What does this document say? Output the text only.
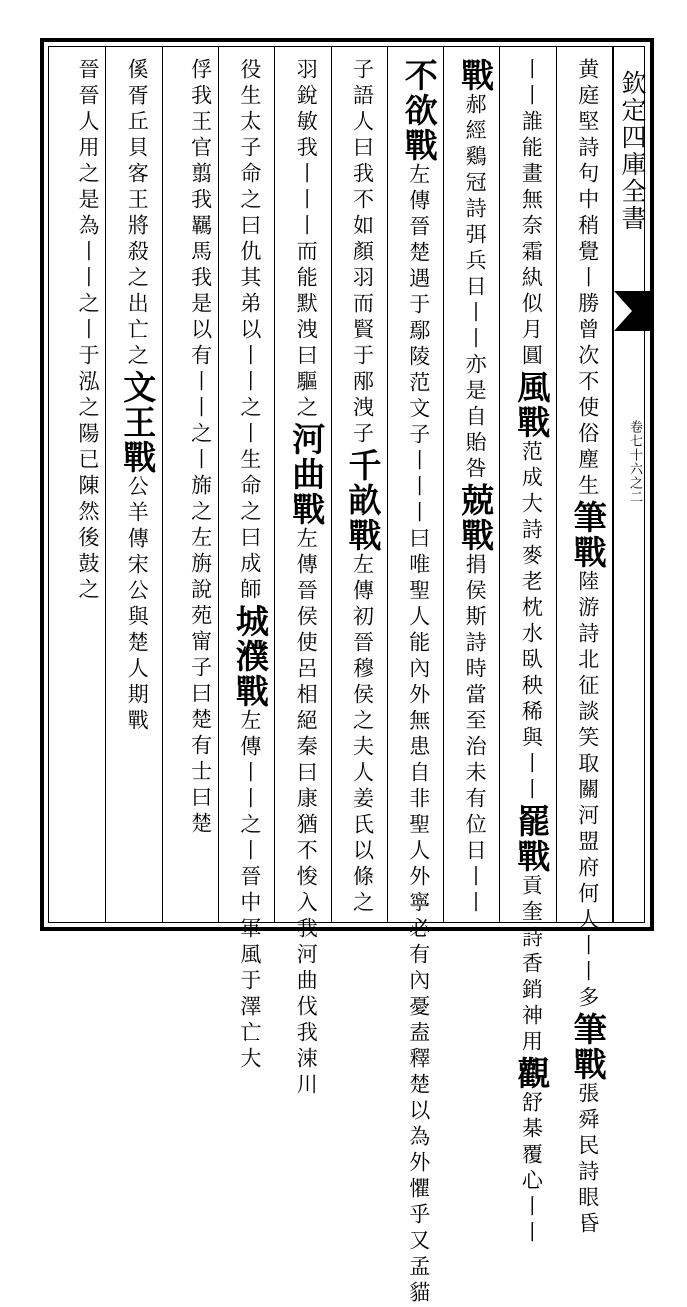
欽定四庫全書
卷七十六之二
黄庭堅詩句中稍覺丨勝曾次不使俗塵生筆戰陸游詩北征談笑取關河盟府何人丨丨多筆戰張舜民詩眼昏
丨丨誰能畫無奈霜紈似月圓風戰范成大詩麥老枕水臥秧稀與丨丨罷戰貢奎詩香銷神用觀舒棊覆心丨丨
戰郝經鷄冠詩弭兵日丨丨亦是自貽咎兢戰捐侯斯詩時當至治未有位日丨丨
不欲戰左傳晉楚遇于鄢陵范文子丨丨丨曰唯聖人能內外無患自非聖人外寧必有內憂盍釋楚以為外懼乎又孟貓
子語人曰我不如顏羽而賢于邴洩子千畝戰左傳初晉穆侯之夫人姜氏以條之
羽銳敏我丨丨丨而能默洩曰驅之河曲戰左傳晉侯使呂相絕秦曰康猶不悛入我河曲伐我涑川
役生太子命之曰仇其弟以丨丨之丨生命之曰成師城濮戰左傳丨丨之丨晉中軍風于澤亡大
俘我王官翦我羈馬我是以有丨丨之丨旆之左旃說苑甯子曰楚有士曰楚
傒胥丘貝客王將殺之出亡之文王戰公羊傳宋公與楚人期戰
晉晉人用之是為丨丨之丨于泓之陽已陳然後鼓之
